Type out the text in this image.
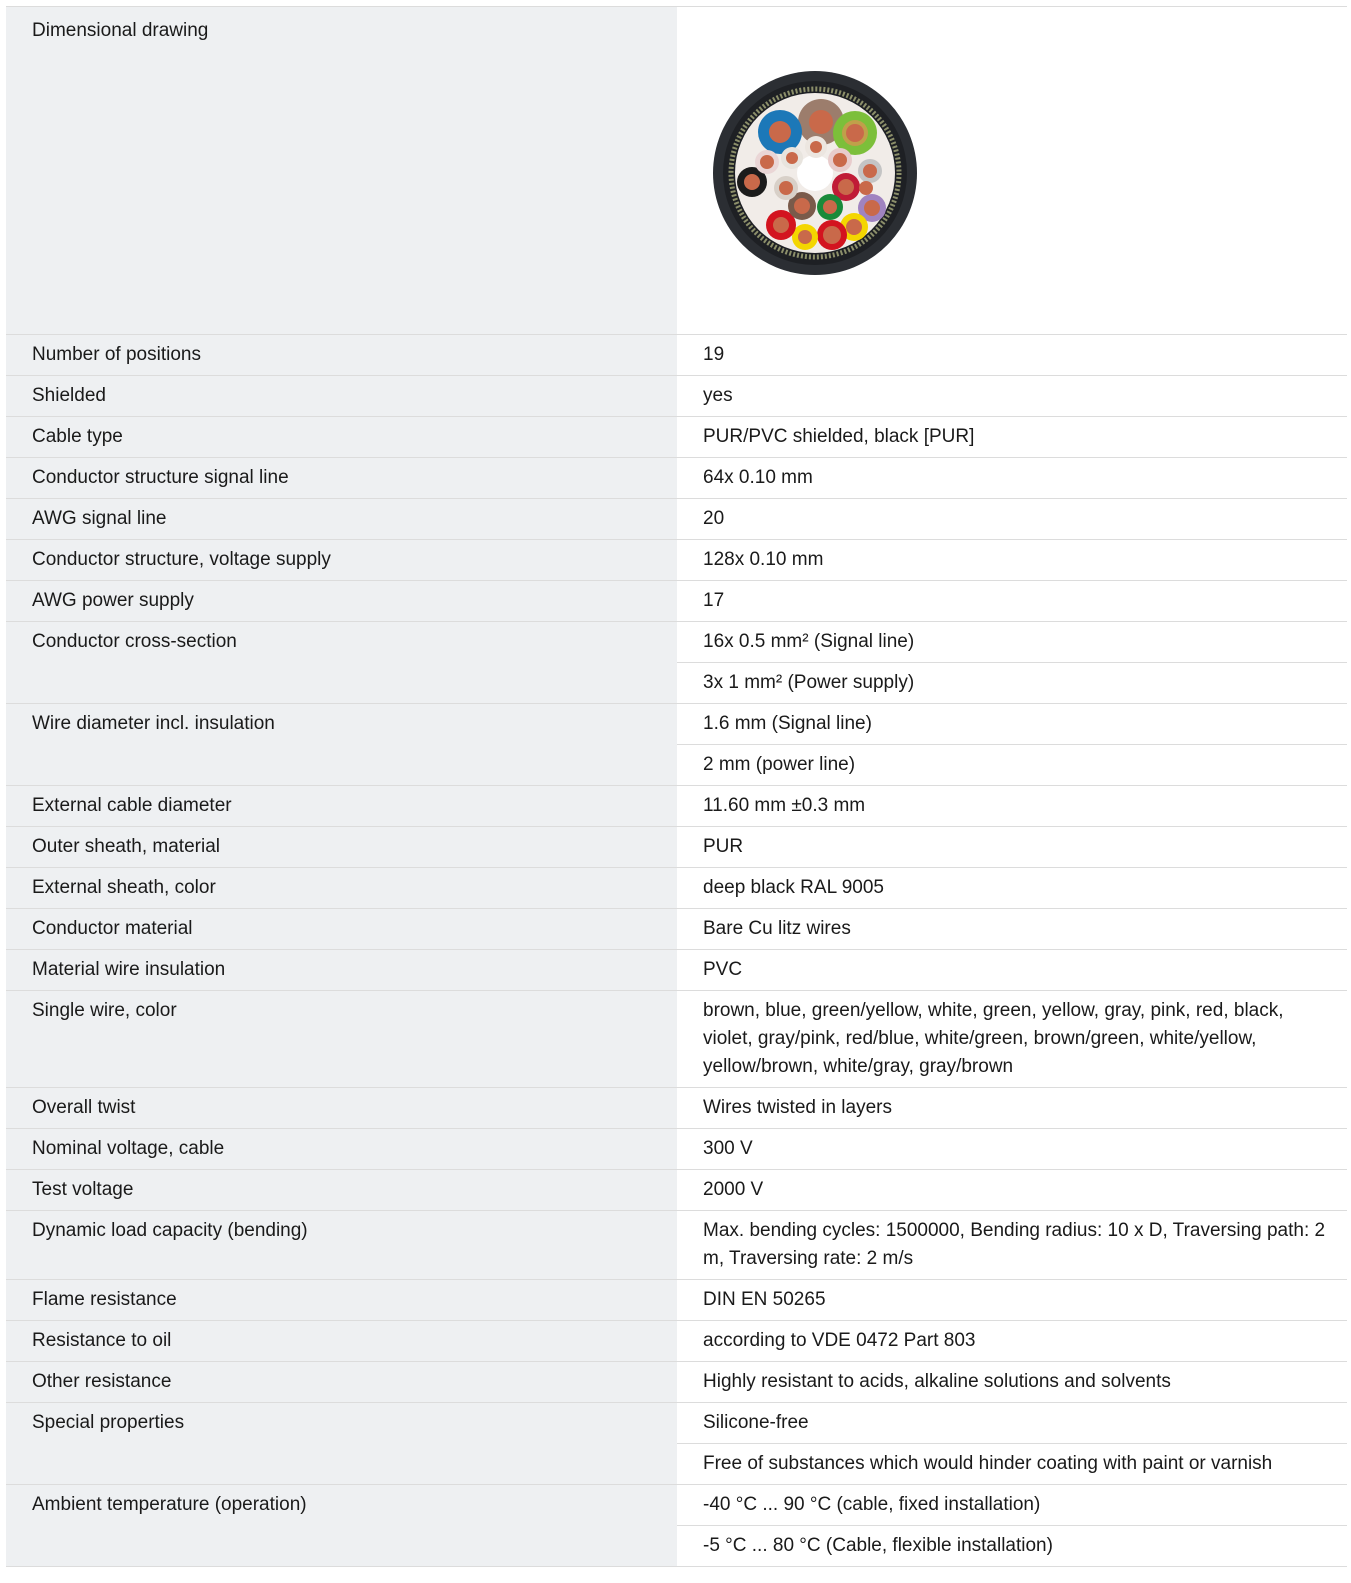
Dimensional drawing
Number of positions	19
Shielded	yes
Cable type	PUR/PVC shielded, black [PUR]
Conductor structure signal line	64x 0.10 mm
AWG signal line	20
Conductor structure, voltage supply	128x 0.10 mm
AWG power supply	17
Conductor cross-section	16x 0.5 mm² (Signal line)
3x 1 mm² (Power supply)
Wire diameter incl. insulation	1.6 mm (Signal line)
2 mm (power line)
External cable diameter	11.60 mm ±0.3 mm
Outer sheath, material	PUR
External sheath, color	deep black RAL 9005
Conductor material	Bare Cu litz wires
Material wire insulation	PVC
Single wire, color	brown, blue, green/yellow, white, green, yellow, gray, pink, red, black, violet, gray/pink, red/blue, white/green, brown/green, white/yellow, yellow/brown, white/gray, gray/brown
Overall twist	Wires twisted in layers
Nominal voltage, cable	300 V
Test voltage	2000 V
Dynamic load capacity (bending)	Max. bending cycles: 1500000, Bending radius: 10 x D, Traversing path: 2 m, Traversing rate: 2 m/s
Flame resistance	DIN EN 50265
Resistance to oil	according to VDE 0472 Part 803
Other resistance	Highly resistant to acids, alkaline solutions and solvents
Special properties	Silicone-free
Free of substances which would hinder coating with paint or varnish
Ambient temperature (operation)	-40 °C ... 90 °C (cable, fixed installation)
-5 °C ... 80 °C (Cable, flexible installation)
